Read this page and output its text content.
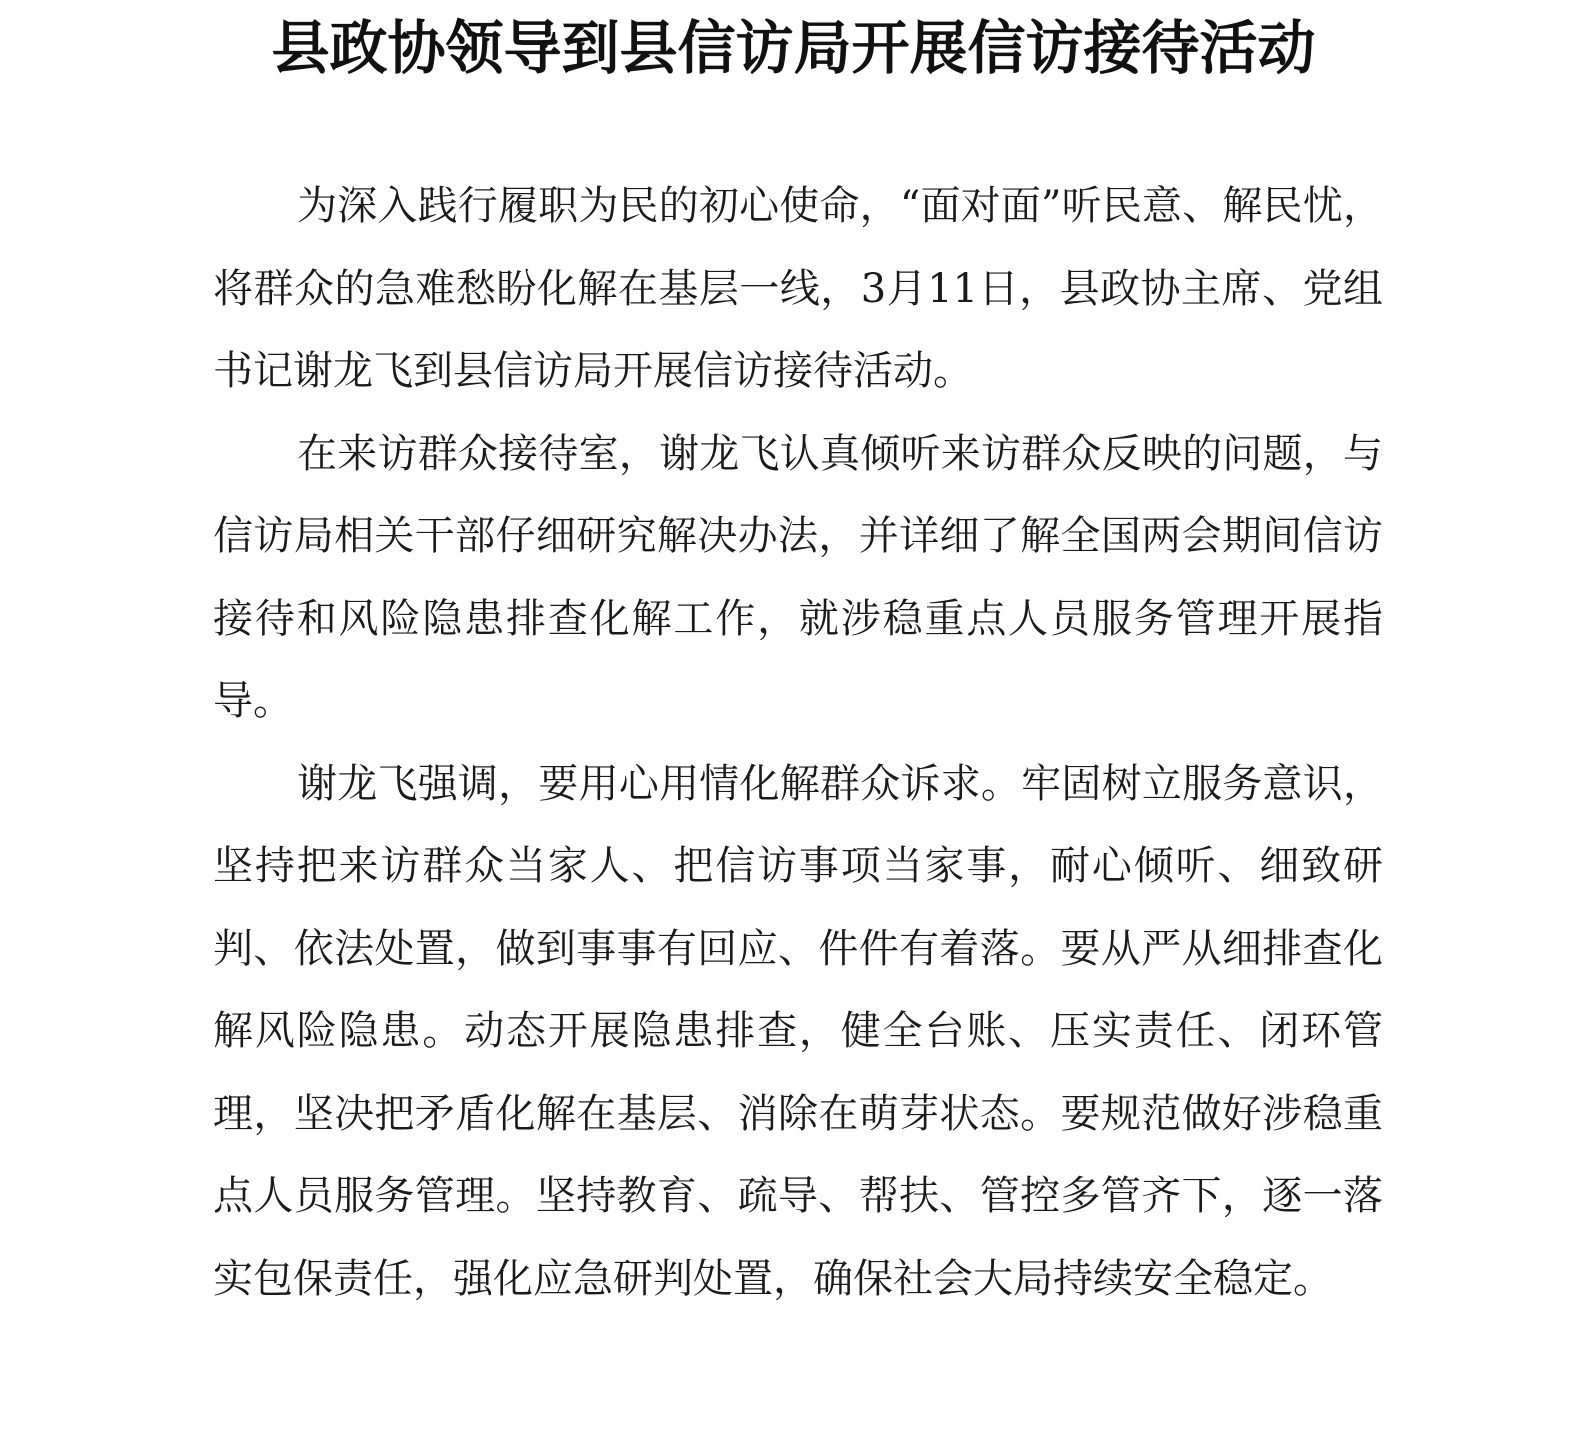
县政协领导到县信访局开展信访接待活动

为深入践行履职为民的初心使命，“面对面”听民意、解民忧，将群众的急难愁盼化解在基层一线，3月11日，县政协主席、党组书记谢龙飞到县信访局开展信访接待活动。

在来访群众接待室，谢龙飞认真倾听来访群众反映的问题，与信访局相关干部仔细研究解决办法，并详细了解全国两会期间信访接待和风险隐患排查化解工作，就涉稳重点人员服务管理开展指导。

谢龙飞强调，要用心用情化解群众诉求。牢固树立服务意识，坚持把来访群众当家人、把信访事项当家事，耐心倾听、细致研判、依法处置，做到事事有回应、件件有着落。要从严从细排查化解风险隐患。动态开展隐患排查，健全台账、压实责任、闭环管理，坚决把矛盾化解在基层、消除在萌芽状态。要规范做好涉稳重点人员服务管理。坚持教育、疏导、帮扶、管控多管齐下，逐一落实包保责任，强化应急研判处置，确保社会大局持续安全稳定。
